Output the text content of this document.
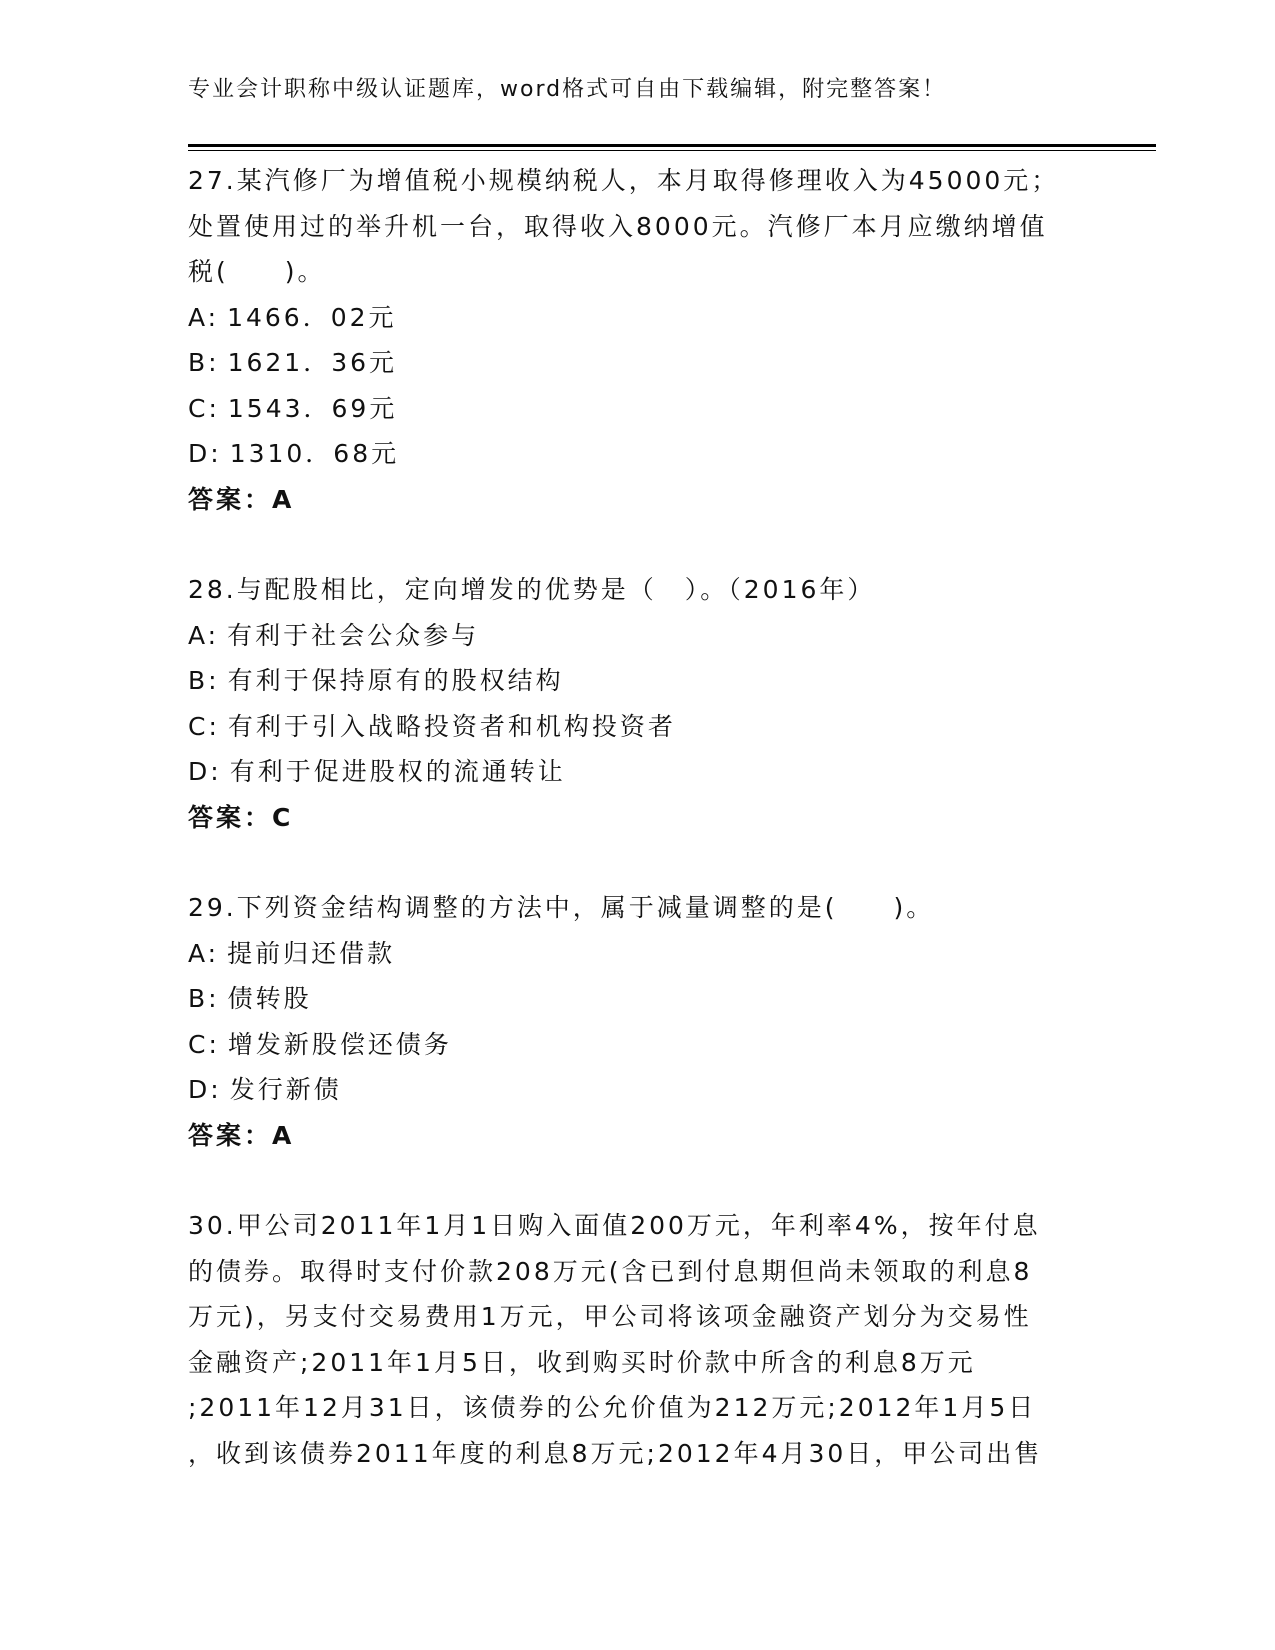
专业会计职称中级认证题库，word格式可自由下载编辑，附完整答案！
27.某汽修厂为增值税小规模纳税人，本月取得修理收入为45000元；
处置使用过的举升机一台，取得收入8000元。汽修厂本月应缴纳增值
税(　　)。
A: 1466．02元
B: 1621．36元
C: 1543．69元
D: 1310．68元
答案：A
28.与配股相比，定向增发的优势是（　）。（2016年）
A: 有利于社会公众参与
B: 有利于保持原有的股权结构
C: 有利于引入战略投资者和机构投资者
D: 有利于促进股权的流通转让
答案：C
29.下列资金结构调整的方法中，属于减量调整的是(　　)。
A: 提前归还借款
B: 债转股
C: 增发新股偿还债务
D: 发行新债
答案：A
30.甲公司2011年1月1日购入面值200万元，年利率4%，按年付息
的债券。取得时支付价款208万元(含已到付息期但尚未领取的利息8
万元)，另支付交易费用1万元，甲公司将该项金融资产划分为交易性
金融资产;2011年1月5日，收到购买时价款中所含的利息8万元
;2011年12月31日，该债券的公允价值为212万元;2012年1月5日
，收到该债券2011年度的利息8万元;2012年4月30日，甲公司出售
